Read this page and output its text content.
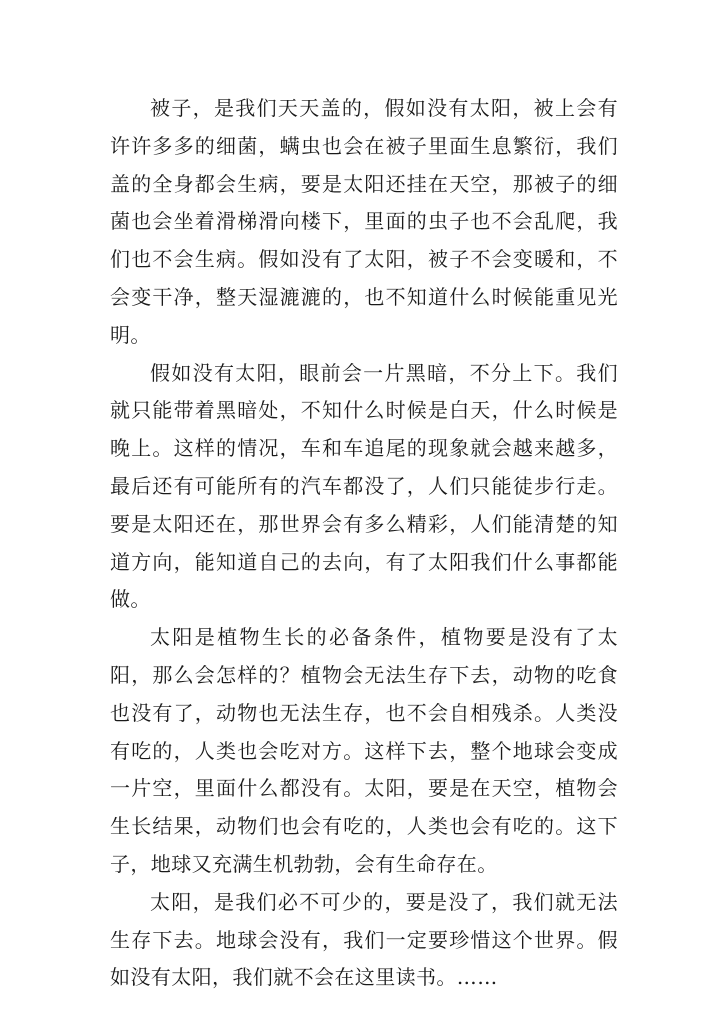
被子，是我们天天盖的，假如没有太阳，被上会有许许多多的细菌，螨虫也会在被子里面生息繁衍，我们盖的全身都会生病，要是太阳还挂在天空，那被子的细菌也会坐着滑梯滑向楼下，里面的虫子也不会乱爬，我们也不会生病。假如没有了太阳，被子不会变暖和，不会变干净，整天湿漉漉的，也不知道什么时候能重见光明。

假如没有太阳，眼前会一片黑暗，不分上下。我们就只能带着黑暗处，不知什么时候是白天，什么时候是晚上。这样的情况，车和车追尾的现象就会越来越多，最后还有可能所有的汽车都没了，人们只能徒步行走。要是太阳还在，那世界会有多么精彩，人们能清楚的知道方向，能知道自己的去向，有了太阳我们什么事都能做。

太阳是植物生长的必备条件，植物要是没有了太阳，那么会怎样的？植物会无法生存下去，动物的吃食也没有了，动物也无法生存，也不会自相残杀。人类没有吃的，人类也会吃对方。这样下去，整个地球会变成一片空，里面什么都没有。太阳，要是在天空，植物会生长结果，动物们也会有吃的，人类也会有吃的。这下子，地球又充满生机勃勃，会有生命存在。

太阳，是我们必不可少的，要是没了，我们就无法生存下去。地球会没有，我们一定要珍惜这个世界。假如没有太阳，我们就不会在这里读书。……
